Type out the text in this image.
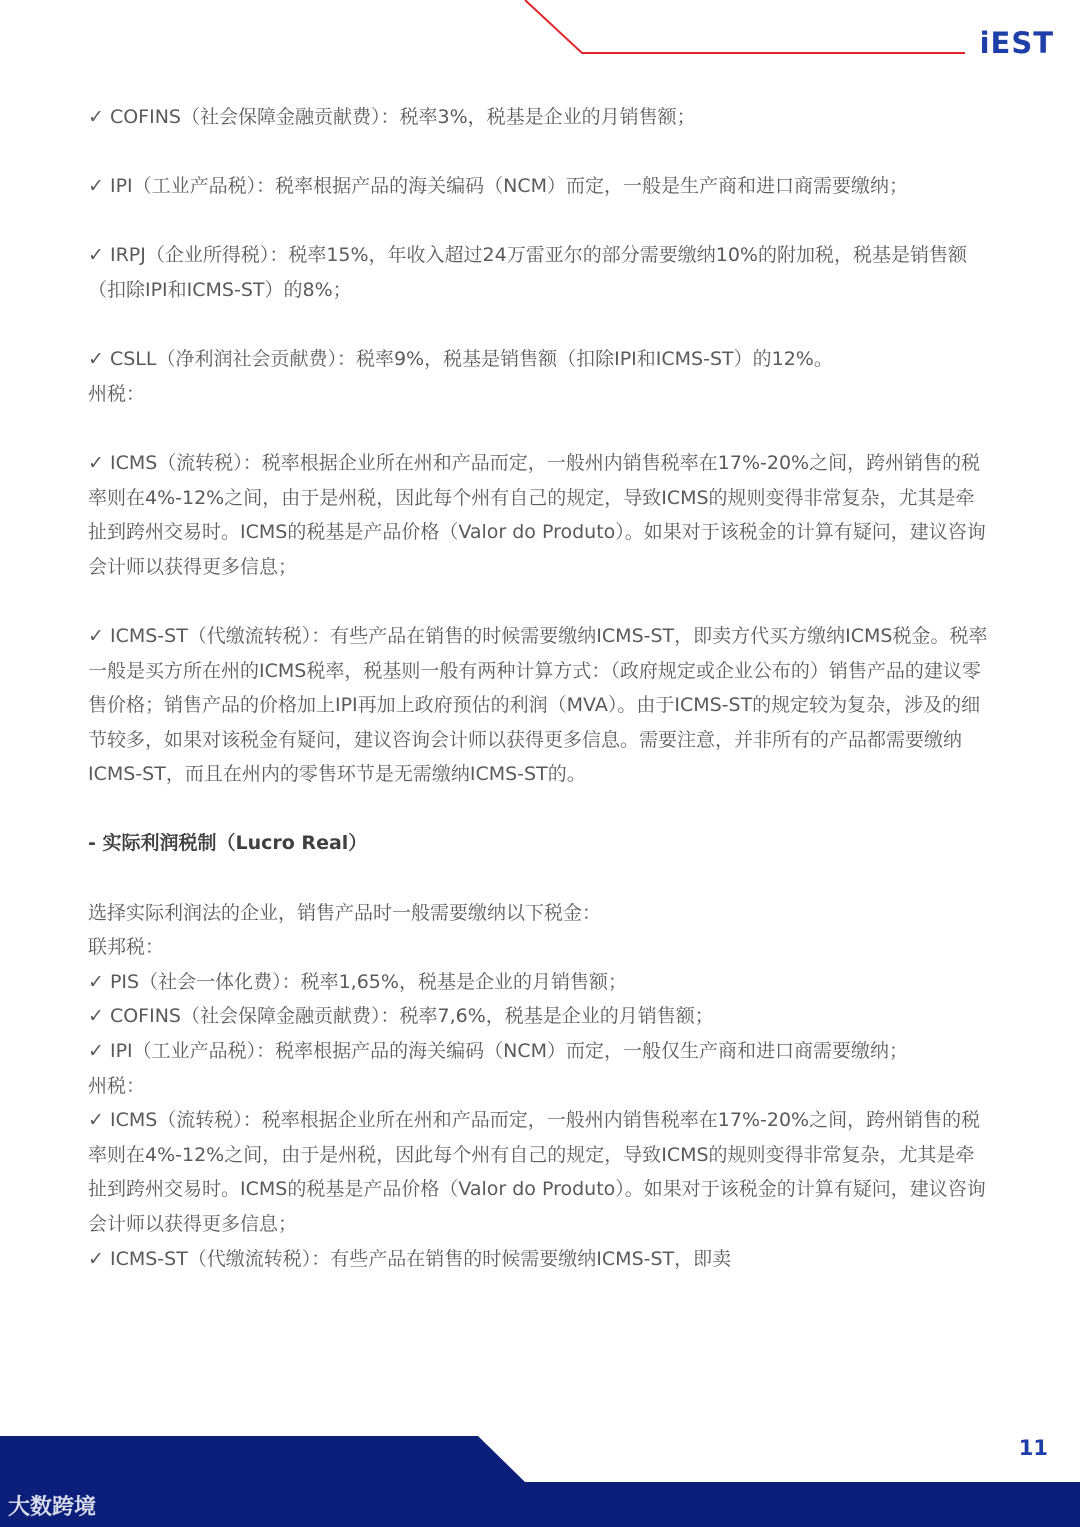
iEST

✓ COFINS（社会保障金融贡献费）：税率3%，税基是企业的月销售额；

✓ IPI（工业产品税）：税率根据产品的海关编码（NCM）而定，一般是生产商和进口商需要缴纳；

✓ IRPJ（企业所得税）：税率15%，年收入超过24万雷亚尔的部分需要缴纳10%的附加税，税基是销售额（扣除IPI和ICMS-ST）的8%；

✓ CSLL（净利润社会贡献费）：税率9%，税基是销售额（扣除IPI和ICMS-ST）的12%。

州税：

✓ ICMS（流转税）：税率根据企业所在州和产品而定，一般州内销售税率在17%-20%之间，跨州销售的税率则在4%-12%之间，由于是州税，因此每个州有自己的规定，导致ICMS的规则变得非常复杂，尤其是牵扯到跨州交易时。ICMS的税基是产品价格（Valor do Produto）。如果对于该税金的计算有疑问，建议咨询会计师以获得更多信息；

✓ ICMS-ST（代缴流转税）：有些产品在销售的时候需要缴纳ICMS-ST，即卖方代买方缴纳ICMS税金。税率一般是买方所在州的ICMS税率，税基则一般有两种计算方式：（政府规定或企业公布的）销售产品的建议零售价格；销售产品的价格加上IPI再加上政府预估的利润（MVA）。由于ICMS-ST的规定较为复杂，涉及的细节较多，如果对该税金有疑问，建议咨询会计师以获得更多信息。需要注意，并非所有的产品都需要缴纳ICMS-ST，而且在州内的零售环节是无需缴纳ICMS-ST的。

- 实际利润税制（Lucro Real）

选择实际利润法的企业，销售产品时一般需要缴纳以下税金：

联邦税：

✓ PIS（社会一体化费）：税率1,65%，税基是企业的月销售额；

✓ COFINS（社会保障金融贡献费）：税率7,6%，税基是企业的月销售额；

✓ IPI（工业产品税）：税率根据产品的海关编码（NCM）而定，一般仅生产商和进口商需要缴纳；

州税：

✓ ICMS（流转税）：税率根据企业所在州和产品而定，一般州内销售税率在17%-20%之间，跨州销售的税率则在4%-12%之间，由于是州税，因此每个州有自己的规定，导致ICMS的规则变得非常复杂，尤其是牵扯到跨州交易时。ICMS的税基是产品价格（Valor do Produto）。如果对于该税金的计算有疑问，建议咨询会计师以获得更多信息；

✓ ICMS-ST（代缴流转税）：有些产品在销售的时候需要缴纳ICMS-ST，即卖

11
大数跨境
